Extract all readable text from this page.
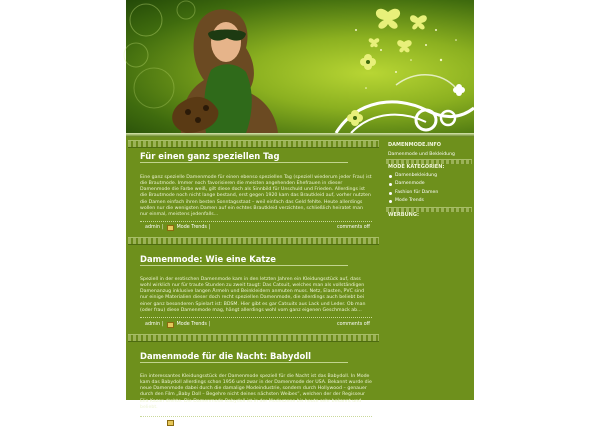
Für einen ganz speziellen Tag
Eine ganz spezielle Damenmode für einen ebenso speziellen Tag (speziell wiederum jeder Frau) ist die Brautmode. Immer noch favorisieren die meisten angehenden Ehefrauen in dieser Damenmode die Farbe weiß, gilt diese doch als Sinnbild für Unschuld und Frieden. Allerdings ist die Brautmode noch nicht lange bestand, erst gegen 1920 kam das Brautkleid auf, vorher nutzten die Damen einfach ihren besten Sonntagsstaat – weil einfach das Geld fehlte. Heute allerdings wollen nur die wenigsten Damen auf ein echtes Brautkleid verzichten, schließlich heiratet man nur einmal, meistens jedenfalls…
admin |	Mode Trends |	comments off
Damenmode: Wie eine Katze
Speziell in der erotischen Damenmode kam in den letzten Jahren ein Kleidungsstück auf, dass wohl wirklich nur für traute Stunden zu zweit taugt: Das Catsuit, welches man als vollständigen Damenanzug inklusive langen Ärmeln und Beinkleidern anmuten muss. Netz, Elasten, PVC sind nur einige Materialien dieser doch recht speziellen Damenmode, die allerdings auch beliebt bei einer ganz besonderen Spielart ist: BDSM. Hier gibt es gar Catsuits aus Lack und Leder. Ob man (oder frau) diese Damenmode mag, hängt allerdings wohl vom ganz eigenen Geschmack ab…
admin |	Mode Trends |	comments off
Damenmode für die Nacht: Babydoll
Ein interessantes Kleidungsstück der Damenmode speziell für die Nacht ist das Babydoll. In Mode kam das Babydoll allerdings schon 1956 und zwar in der Damenmode der USA. Bekannt wurde die neue Damenmode dabei durch die damalige Modeindustrie, sondern durch Hollywood – genauer durch den Film „Baby Doll – Begehre nicht deines nächsten Weibes“, welchen der der Regisseur Elia Kazan drehte. Die Damenmode Babydoll ist in der Modeszene bis heute sehr bekannt und beliebt.
admin |	Mode Trends |	comments off
DAMENMODE.INFO
Damenmode und Bekleidung
MODE KATEGORIEN:
Damenbekleidung
Damenmode
Fashion für Damen
Mode Trends
WERBUNG:
